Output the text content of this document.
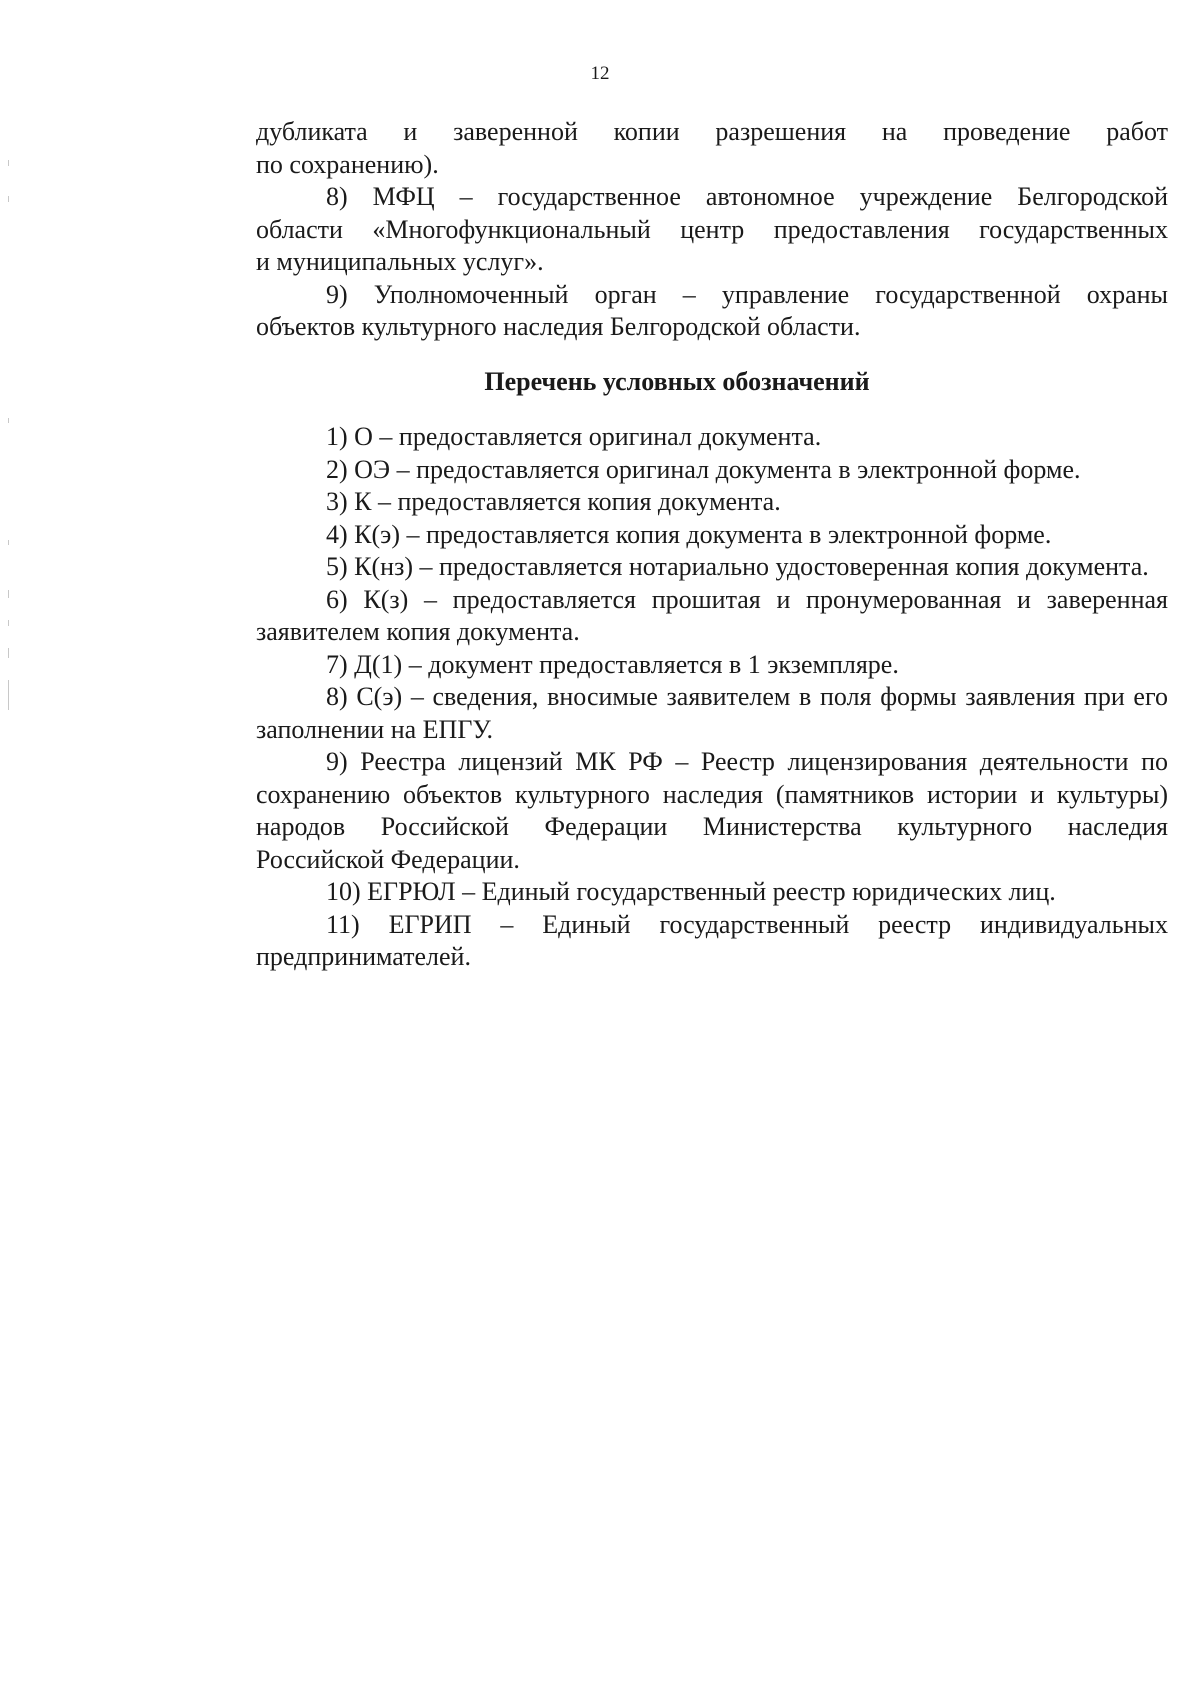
12
дубликата и заверенной копии разрешения на проведение работ
по сохранению).
8) МФЦ – государственное автономное учреждение Белгородской
области «Многофункциональный центр предоставления государственных
и муниципальных услуг».
9) Уполномоченный орган – управление государственной охраны
объектов культурного наследия Белгородской области.
Перечень условных обозначений
1) О – предоставляется оригинал документа.
2) ОЭ – предоставляется оригинал документа в электронной форме.
3) К – предоставляется копия документа.
4) К(э) – предоставляется копия документа в электронной форме.
5) К(нз) – предоставляется нотариально удостоверенная копия документа.
6) К(з) – предоставляется прошитая и пронумерованная и заверенная
заявителем копия документа.
7) Д(1) – документ предоставляется в 1 экземпляре.
8) С(э) – сведения, вносимые заявителем в поля формы заявления при его
заполнении на ЕПГУ.
9) Реестра лицензий МК РФ – Реестр лицензирования деятельности по
сохранению объектов культурного наследия (памятников истории и культуры)
народов Российской Федерации Министерства культурного наследия
Российской Федерации.
10) ЕГРЮЛ – Единый государственный реестр юридических лиц.
11) ЕГРИП – Единый государственный реестр индивидуальных
предпринимателей.
